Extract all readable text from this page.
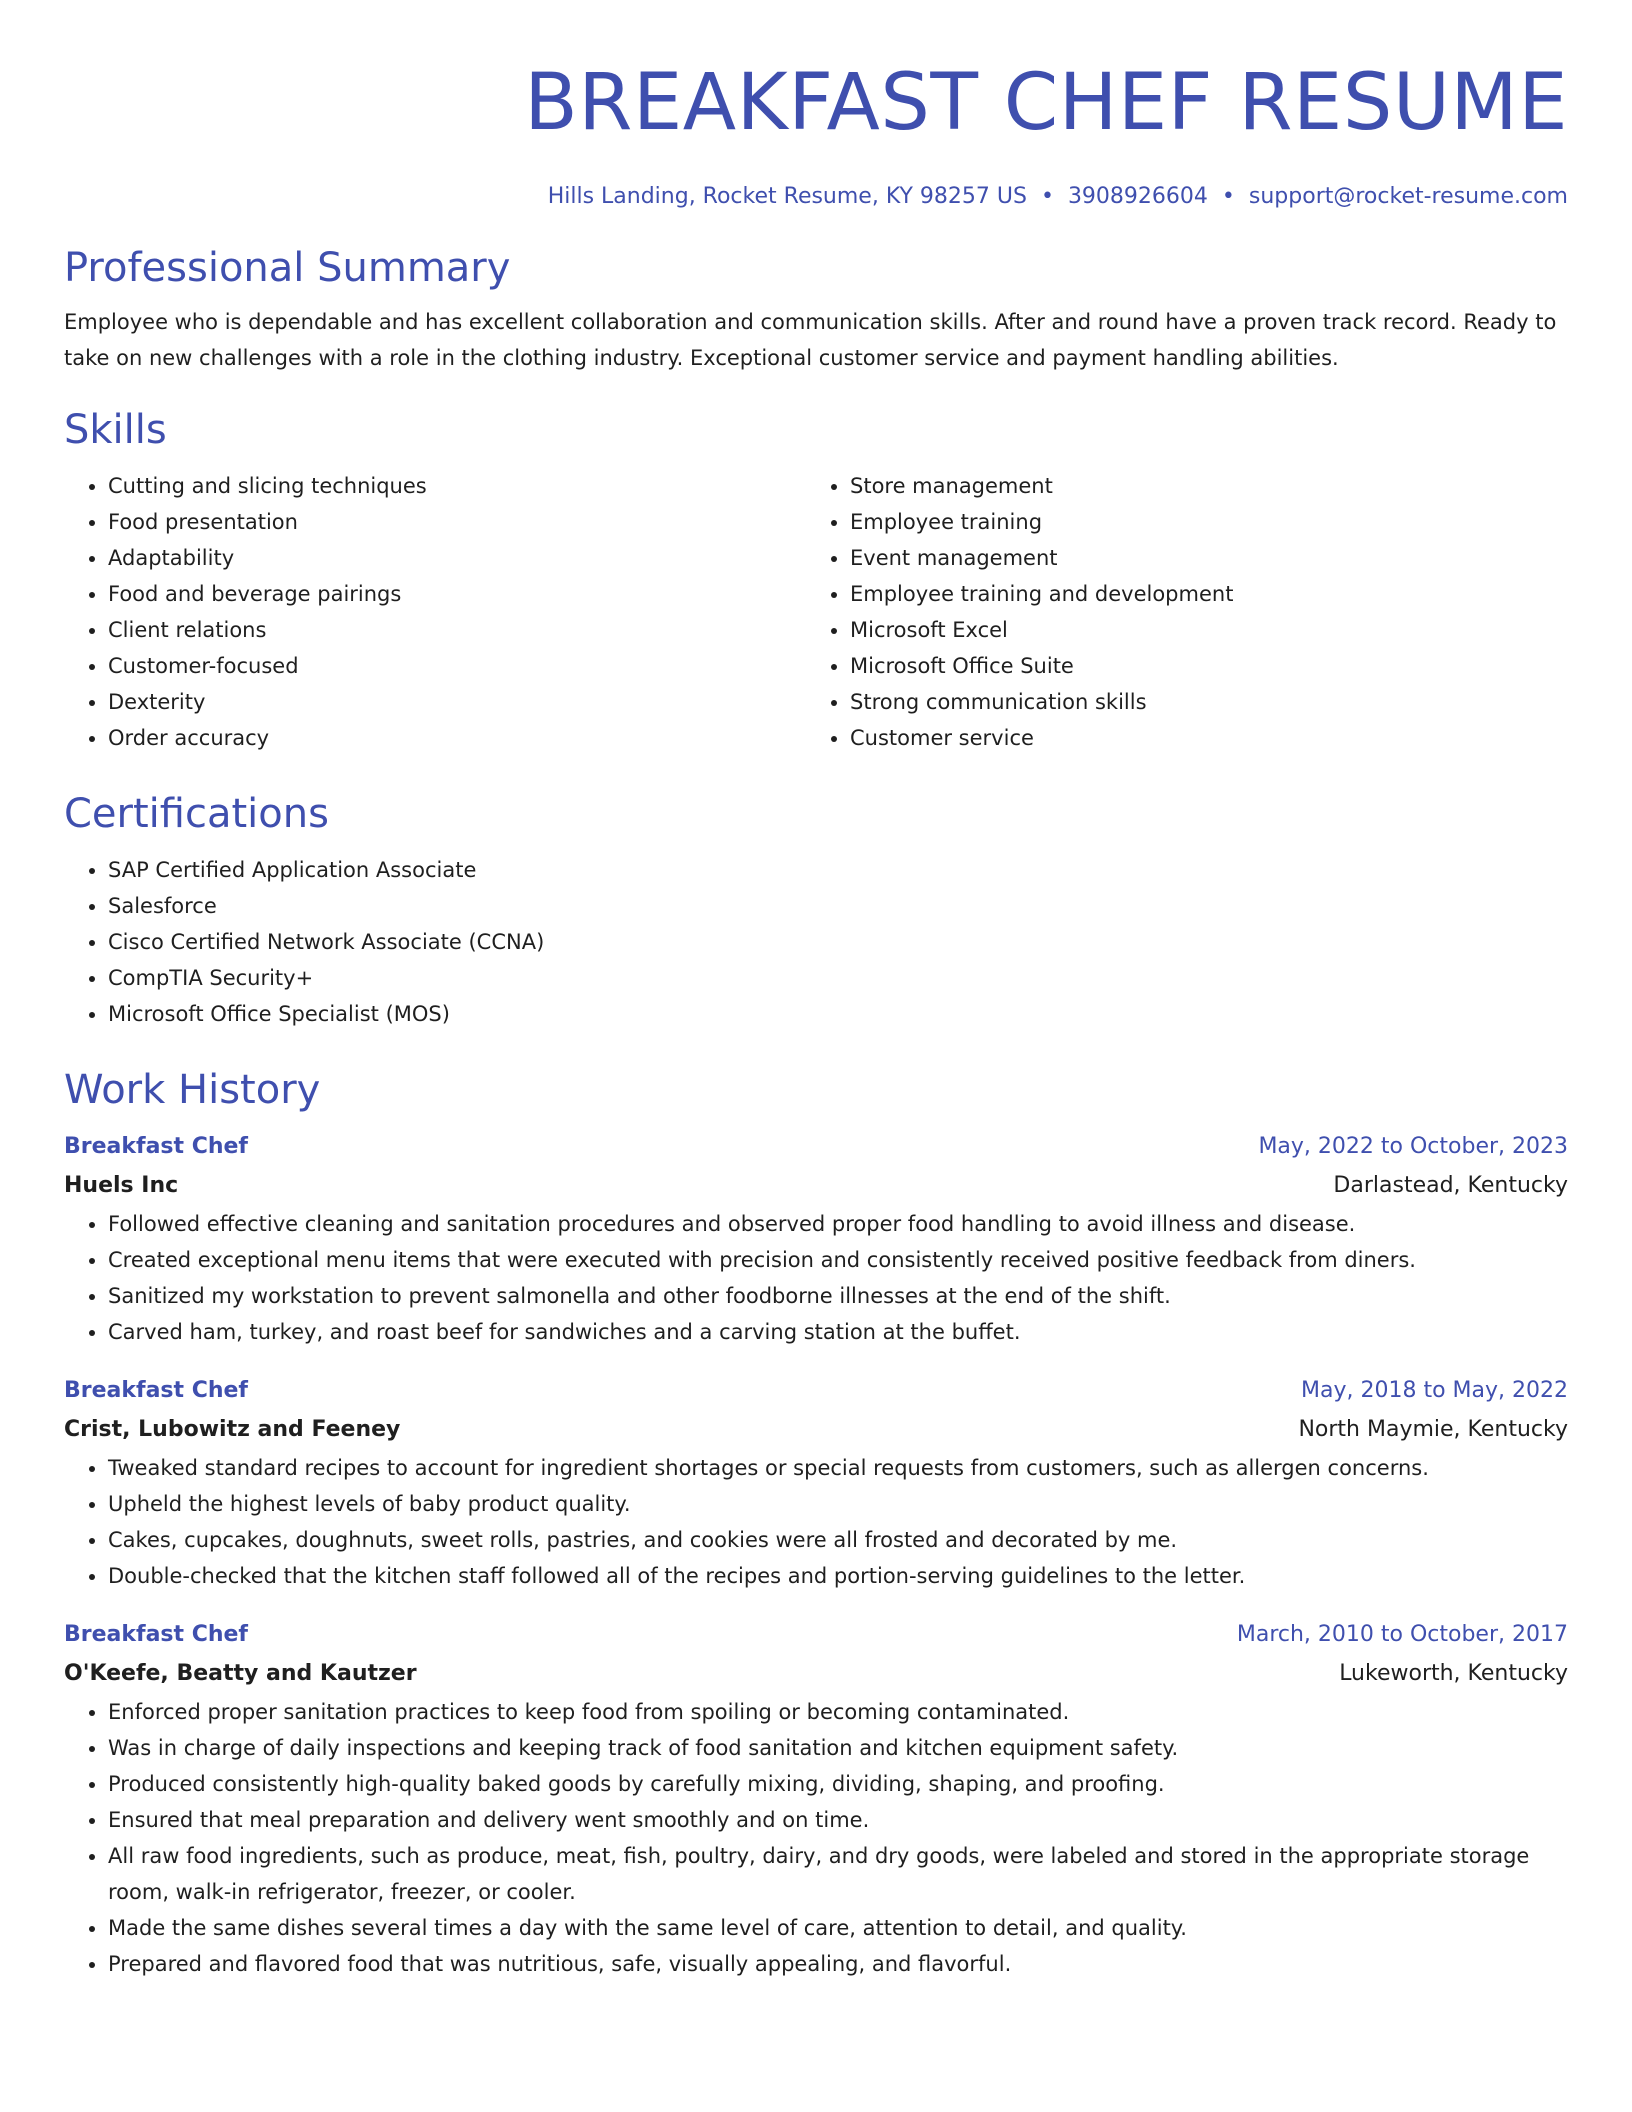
BREAKFAST CHEF RESUME
Hills Landing, Rocket Resume, KY 98257 US • 3908926604 • support@rocket-resume.com
Professional Summary

Employee who is dependable and has excellent collaboration and communication skills. After and round have a proven track record. Ready to take on new challenges with a role in the clothing industry. Exceptional customer service and payment handling abilities.

Skills
• Cutting and slicing techniques
• Food presentation
• Adaptability
• Food and beverage pairings
• Client relations
• Customer-focused
• Dexterity
• Order accuracy
• Store management
• Employee training
• Event management
• Employee training and development
• Microsoft Excel
• Microsoft Office Suite
• Strong communication skills
• Customer service
Certifications
• SAP Certified Application Associate
• Salesforce
• Cisco Certified Network Associate (CCNA)
• CompTIA Security+
• Microsoft Office Specialist (MOS)
Work History
Breakfast Chef	May, 2022 to October, 2023
Huels Inc	Darlastead, Kentucky
• Followed effective cleaning and sanitation procedures and observed proper food handling to avoid illness and disease.
• Created exceptional menu items that were executed with precision and consistently received positive feedback from diners.
• Sanitized my workstation to prevent salmonella and other foodborne illnesses at the end of the shift.
• Carved ham, turkey, and roast beef for sandwiches and a carving station at the buffet.
Breakfast Chef	May, 2018 to May, 2022
Crist, Lubowitz and Feeney	North Maymie, Kentucky
• Tweaked standard recipes to account for ingredient shortages or special requests from customers, such as allergen concerns.
• Upheld the highest levels of baby product quality.
• Cakes, cupcakes, doughnuts, sweet rolls, pastries, and cookies were all frosted and decorated by me.
• Double-checked that the kitchen staff followed all of the recipes and portion-serving guidelines to the letter.
Breakfast Chef	March, 2010 to October, 2017
O'Keefe, Beatty and Kautzer	Lukeworth, Kentucky
• Enforced proper sanitation practices to keep food from spoiling or becoming contaminated.
• Was in charge of daily inspections and keeping track of food sanitation and kitchen equipment safety.
• Produced consistently high-quality baked goods by carefully mixing, dividing, shaping, and proofing.
• Ensured that meal preparation and delivery went smoothly and on time.
• All raw food ingredients, such as produce, meat, fish, poultry, dairy, and dry goods, were labeled and stored in the appropriate storage room, walk-in refrigerator, freezer, or cooler.
• Made the same dishes several times a day with the same level of care, attention to detail, and quality.
• Prepared and flavored food that was nutritious, safe, visually appealing, and flavorful.
